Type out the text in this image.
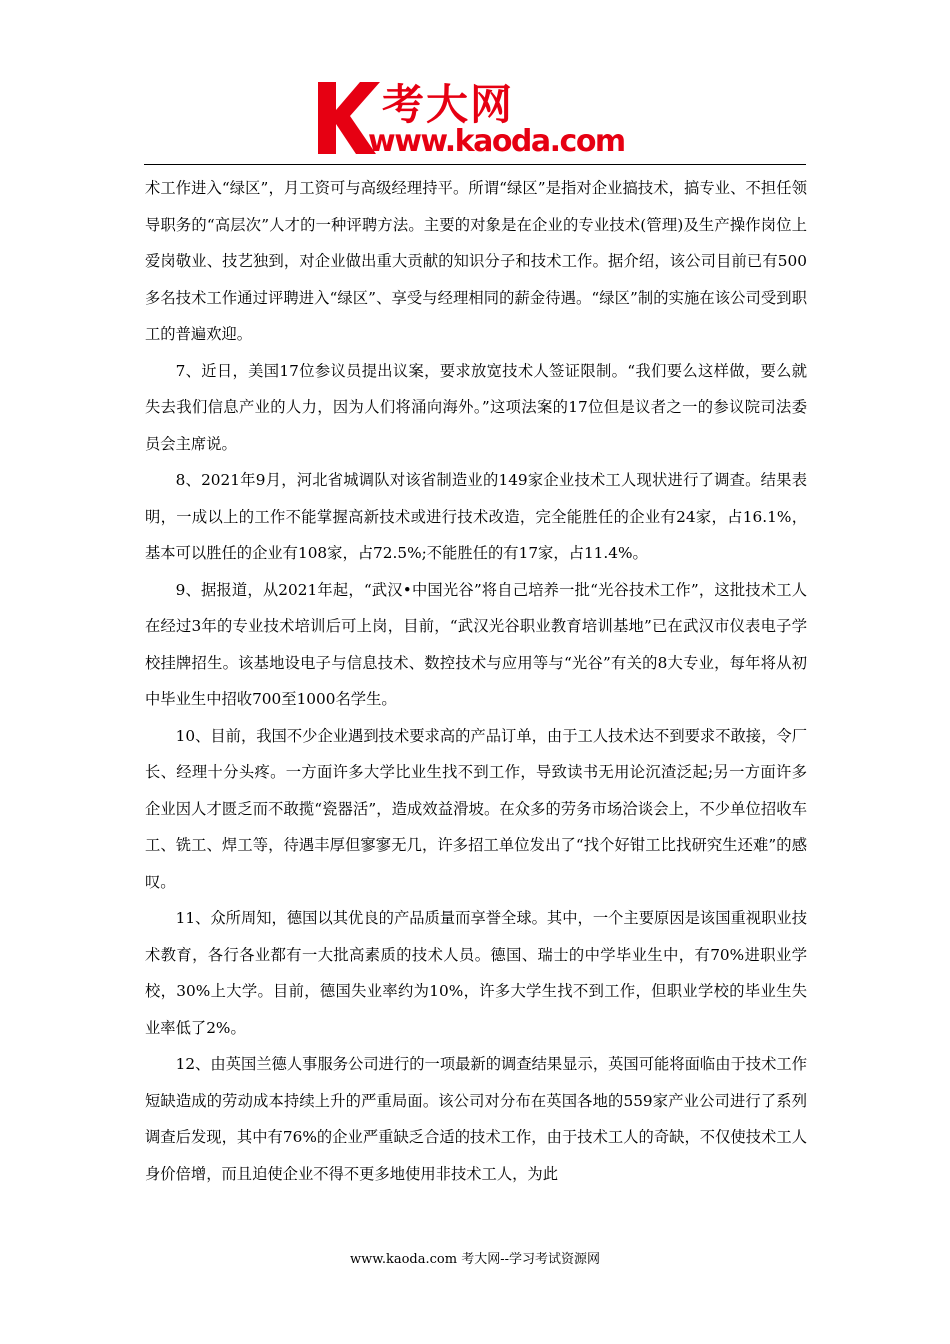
考大网
www.kaoda.com

术工作进入“绿区”，月工资可与高级经理持平。所谓“绿区”是指对企业搞技术，搞专业、不担任领导职务的“高层次”人才的一种评聘方法。主要的对象是在企业的专业技术(管理)及生产操作岗位上爱岗敬业、技艺独到，对企业做出重大贡献的知识分子和技术工作。据介绍，该公司目前已有500多名技术工作通过评聘进入“绿区”、享受与经理相同的薪金待遇。“绿区”制的实施在该公司受到职工的普遍欢迎。

7、近日，美国17位参议员提出议案，要求放宽技术人签证限制。“我们要么这样做，要么就失去我们信息产业的人力，因为人们将涌向海外。”这项法案的17位但是议者之一的参议院司法委员会主席说。

8、2021年9月，河北省城调队对该省制造业的149家企业技术工人现状进行了调查。结果表明，一成以上的工作不能掌握高新技术或进行技术改造，完全能胜任的企业有24家，占16.1%，基本可以胜任的企业有108家，占72.5%;不能胜任的有17家，占11.4%。

9、据报道，从2021年起，“武汉•中国光谷”将自己培养一批“光谷技术工作”，这批技术工人在经过3年的专业技术培训后可上岗，目前，“武汉光谷职业教育培训基地”已在武汉市仪表电子学校挂牌招生。该基地设电子与信息技术、数控技术与应用等与“光谷”有关的8大专业，每年将从初中毕业生中招收700至1000名学生。

10、目前，我国不少企业遇到技术要求高的产品订单，由于工人技术达不到要求不敢接，令厂长、经理十分头疼。一方面许多大学比业生找不到工作，导致读书无用论沉渣泛起;另一方面许多企业因人才匮乏而不敢揽“瓷器活”，造成效益滑坡。在众多的劳务市场洽谈会上，不少单位招收车工、铣工、焊工等，待遇丰厚但寥寥无几，许多招工单位发出了“找个好钳工比找研究生还难”的感叹。

11、众所周知，德国以其优良的产品质量而享誉全球。其中，一个主要原因是该国重视职业技术教育，各行各业都有一大批高素质的技术人员。德国、瑞士的中学毕业生中，有70%进职业学校，30%上大学。目前，德国失业率约为10%，许多大学生找不到工作，但职业学校的毕业生失业率低了2%。

12、由英国兰德人事服务公司进行的一项最新的调查结果显示，英国可能将面临由于技术工作短缺造成的劳动成本持续上升的严重局面。该公司对分布在英国各地的559家产业公司进行了系列调查后发现，其中有76%的企业严重缺乏合适的技术工作，由于技术工人的奇缺，不仅使技术工人身价倍增，而且迫使企业不得不更多地使用非技术工人，为此

www.kaoda.com 考大网--学习考试资源网
